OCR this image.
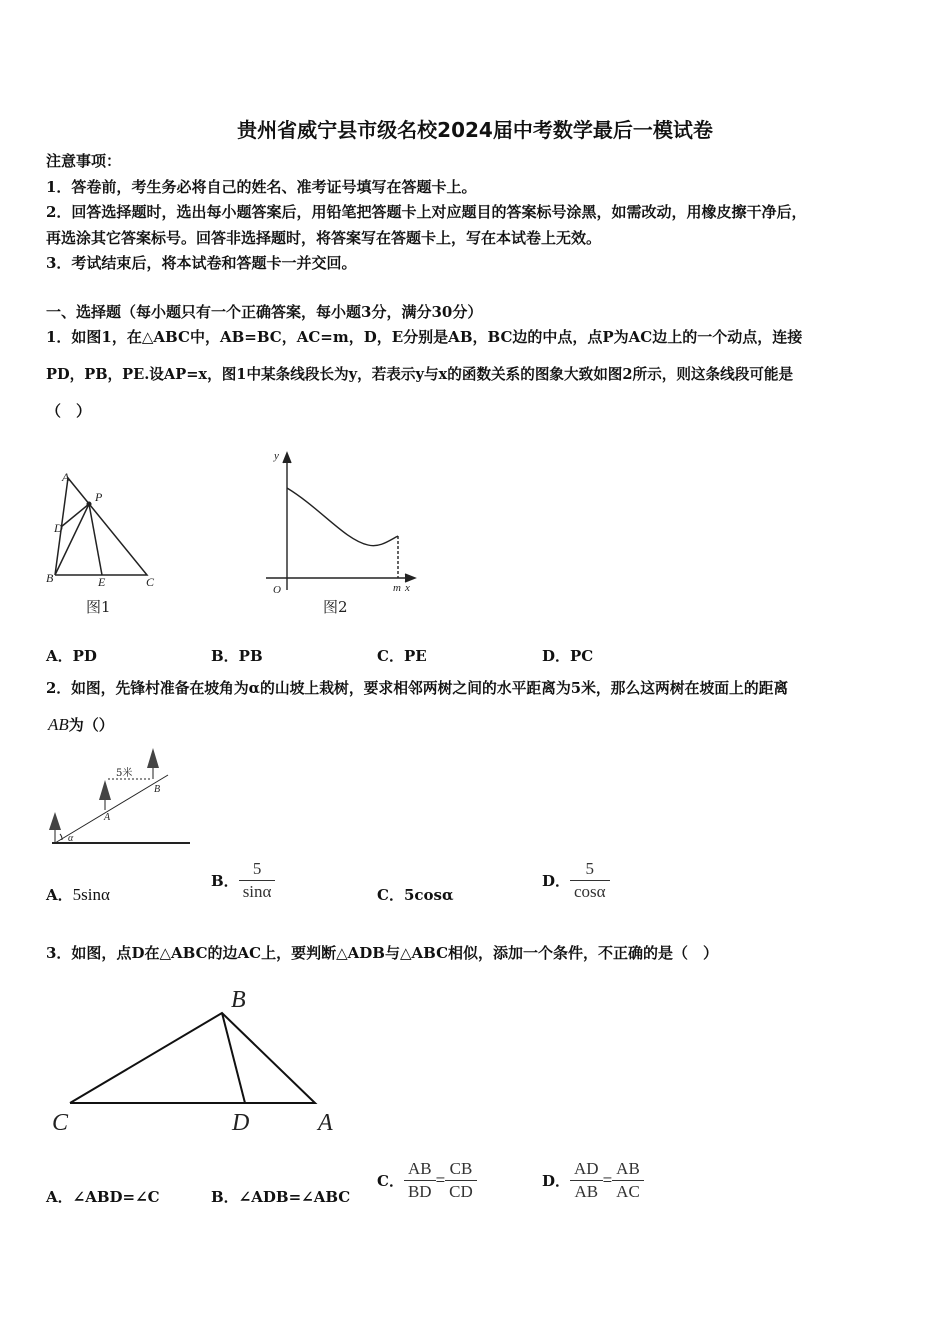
贵州省威宁县市级名校2024届中考数学最后一模试卷
注意事项：
1．答卷前，考生务必将自己的姓名、准考证号填写在答题卡上。
2．回答选择题时，选出每小题答案后，用铅笔把答题卡上对应题目的答案标号涂黑，如需改动，用橡皮擦干净后，
再选涂其它答案标号。回答非选择题时，将答案写在答题卡上，写在本试卷上无效。
3．考试结束后，将本试卷和答题卡一并交回。
一、选择题（每小题只有一个正确答案，每小题3分，满分30分）
1．如图1，在△ABC中，AB=BC，AC=m，D，E分别是AB，BC边的中点，点P为AC边上的一个动点，连接
PD，PB，PE.设AP=x，图1中某条线段长为y，若表示y与x的函数关系的图象大致如图2所示，则这条线段可能是
（　）
A
P
D
B	E	C
图1
y
O	m x
图2
5米
A
B
α
B
C	D	A
A．PD	B．PB	C．PE	D．PC
2．如图，先锋村准备在坡角为α的山坡上栽树，要求相邻两树之间的水平距离为5米，那么这两树在坡面上的距离
AB为（）
A．5sinα
B． $\frac{5}{\sin\alpha}$	C．5cosα
D． $\frac{5}{\cos\alpha}$
3．如图，点D在△ABC的边AC上，要判断△ADB与△ABC相似，添加一个条件，不正确的是（　）
A．∠ABD=∠C	B．∠ADB=∠ABC
C． $\frac{AB}{BD} = \frac{CB}{CD}$	D． $\frac{AD}{AB} = \frac{AB}{AC}$
